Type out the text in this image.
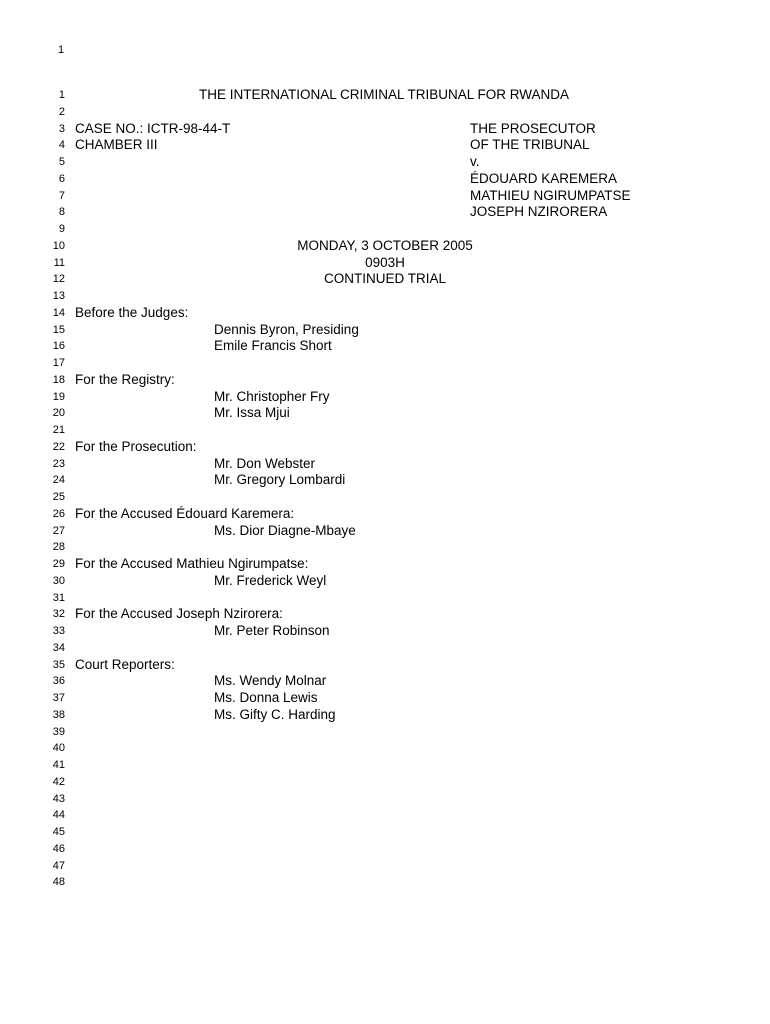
1
1	THE INTERNATIONAL CRIMINAL TRIBUNAL FOR RWANDA
2
3 CASE NO.: ICTR-98-44-T	THE PROSECUTOR
4 CHAMBER III	OF THE TRIBUNAL
5	v.
6	ÉDOUARD KAREMERA
7	MATHIEU NGIRUMPATSE
8	JOSEPH NZIRORERA
9
10	MONDAY, 3 OCTOBER 2005
11	0903H
12	CONTINUED TRIAL
13
14 Before the Judges:
15	Dennis Byron, Presiding
16	Emile Francis Short
17
18 For the Registry:
19	Mr. Christopher Fry
20	Mr. Issa Mjui
21
22 For the Prosecution:
23	Mr. Don Webster
24	Mr. Gregory Lombardi
25
26 For the Accused Édouard Karemera:
27	Ms. Dior Diagne-Mbaye
28
29 For the Accused Mathieu Ngirumpatse:
30	Mr. Frederick Weyl
31
32 For the Accused Joseph Nzirorera:
33	Mr. Peter Robinson
34
35 Court Reporters:
36	Ms. Wendy Molnar
37	Ms. Donna Lewis
38	Ms. Gifty C. Harding
39
40
41
42
43
44
45
46
47
48
